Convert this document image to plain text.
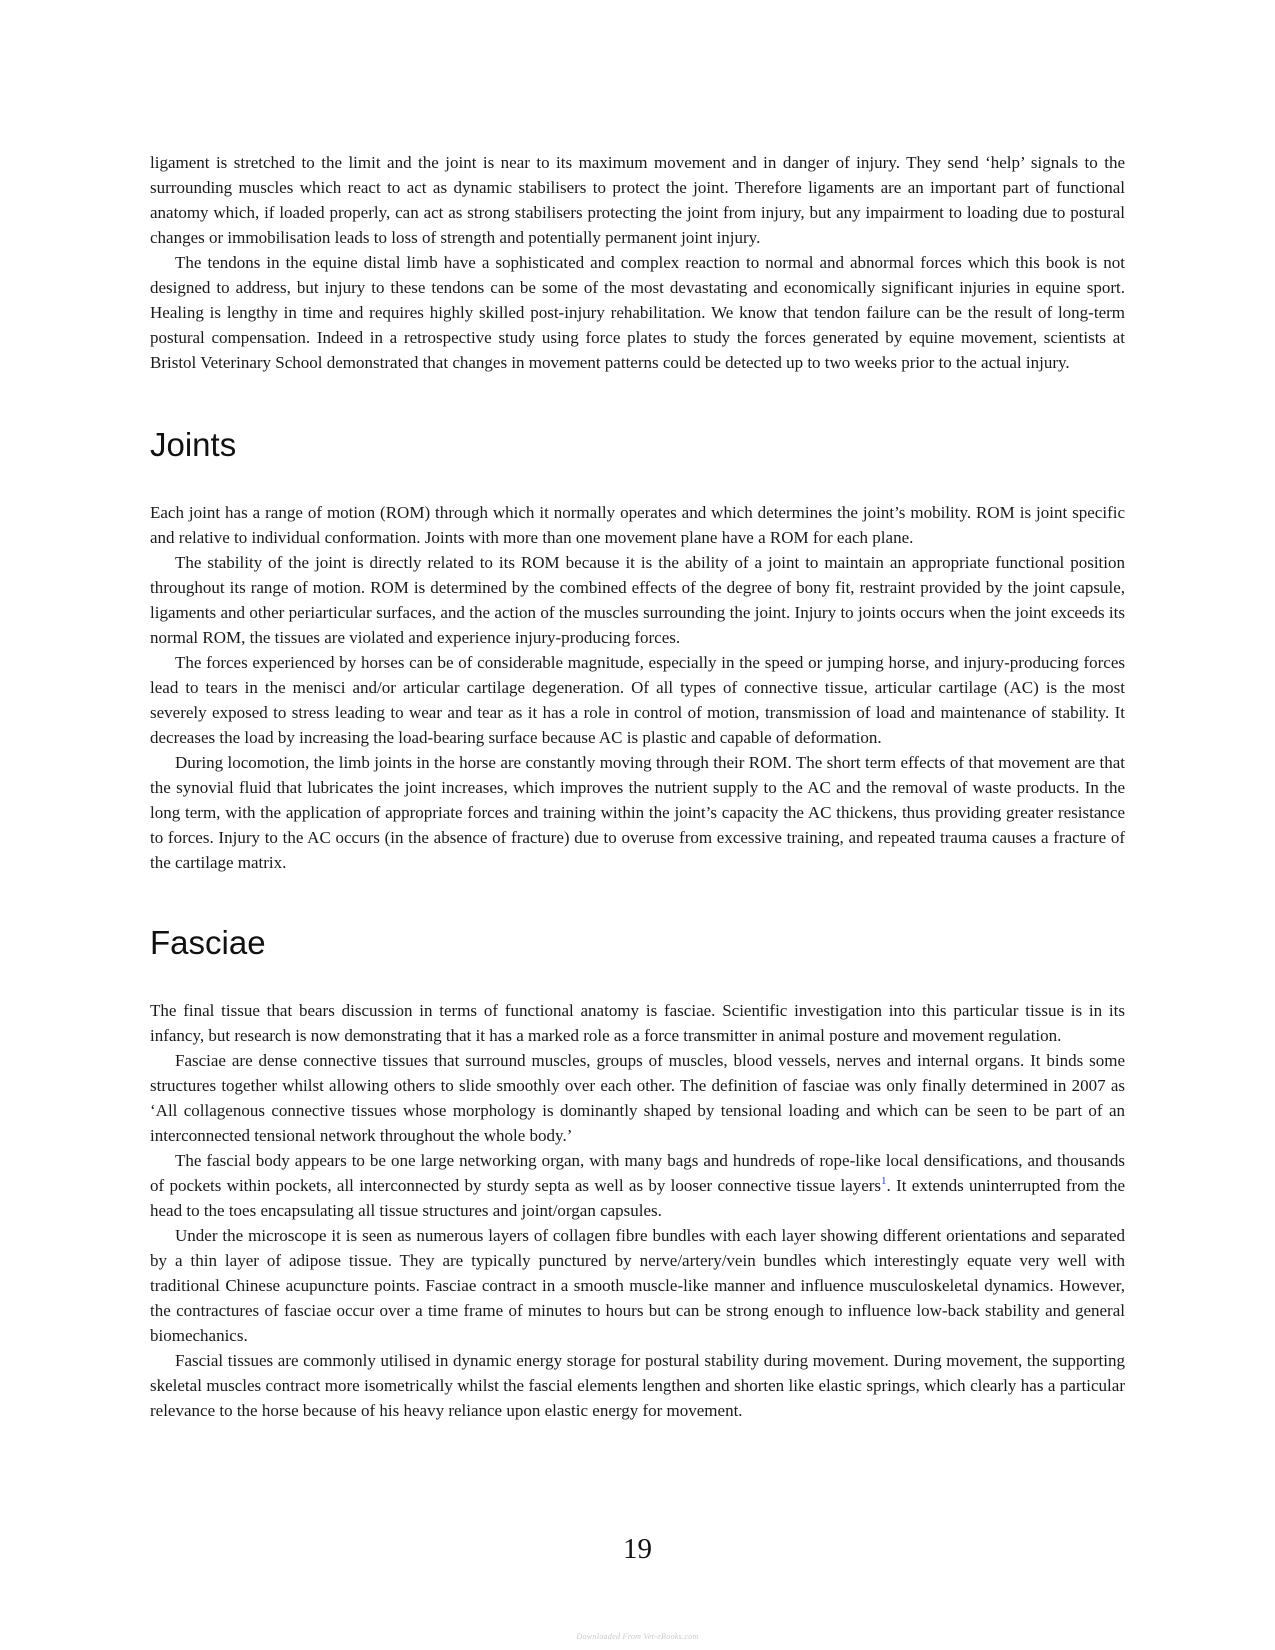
ligament is stretched to the limit and the joint is near to its maximum movement and in danger of injury. They send ‘help’ signals to the surrounding muscles which react to act as dynamic stabilisers to protect the joint. Therefore ligaments are an important part of functional anatomy which, if loaded properly, can act as strong stabilisers protecting the joint from injury, but any impairment to loading due to postural changes or immobilisation leads to loss of strength and potentially permanent joint injury.

The tendons in the equine distal limb have a sophisticated and complex reaction to normal and abnormal forces which this book is not designed to address, but injury to these tendons can be some of the most devastating and economically significant injuries in equine sport. Healing is lengthy in time and requires highly skilled post-injury rehabilitation. We know that tendon failure can be the result of long-term postural compensation. Indeed in a retrospective study using force plates to study the forces generated by equine movement, scientists at Bristol Veterinary School demonstrated that changes in movement patterns could be detected up to two weeks prior to the actual injury.

Joints

Each joint has a range of motion (ROM) through which it normally operates and which determines the joint’s mobility. ROM is joint specific and relative to individual conformation. Joints with more than one movement plane have a ROM for each plane.

The stability of the joint is directly related to its ROM because it is the ability of a joint to maintain an appropriate functional position throughout its range of motion. ROM is determined by the combined effects of the degree of bony fit, restraint provided by the joint capsule, ligaments and other periarticular surfaces, and the action of the muscles surrounding the joint. Injury to joints occurs when the joint exceeds its normal ROM, the tissues are violated and experience injury-producing forces.

The forces experienced by horses can be of considerable magnitude, especially in the speed or jumping horse, and injury-producing forces lead to tears in the menisci and/or articular cartilage degeneration. Of all types of connective tissue, articular cartilage (AC) is the most severely exposed to stress leading to wear and tear as it has a role in control of motion, transmission of load and maintenance of stability. It decreases the load by increasing the load-bearing surface because AC is plastic and capable of deformation.

During locomotion, the limb joints in the horse are constantly moving through their ROM. The short term effects of that movement are that the synovial fluid that lubricates the joint increases, which improves the nutrient supply to the AC and the removal of waste products. In the long term, with the application of appropriate forces and training within the joint’s capacity the AC thickens, thus providing greater resistance to forces. Injury to the AC occurs (in the absence of fracture) due to overuse from excessive training, and repeated trauma causes a fracture of the cartilage matrix.

Fasciae

The final tissue that bears discussion in terms of functional anatomy is fasciae. Scientific investigation into this particular tissue is in its infancy, but research is now demonstrating that it has a marked role as a force transmitter in animal posture and movement regulation.

Fasciae are dense connective tissues that surround muscles, groups of muscles, blood vessels, nerves and internal organs. It binds some structures together whilst allowing others to slide smoothly over each other. The definition of fasciae was only finally determined in 2007 as ‘All collagenous connective tissues whose morphology is dominantly shaped by tensional loading and which can be seen to be part of an interconnected tensional network throughout the whole body.’

The fascial body appears to be one large networking organ, with many bags and hundreds of rope-like local densifications, and thousands of pockets within pockets, all interconnected by sturdy septa as well as by looser connective tissue layers$^1$. It extends uninterrupted from the head to the toes encapsulating all tissue structures and joint/organ capsules.

Under the microscope it is seen as numerous layers of collagen fibre bundles with each layer showing different orientations and separated by a thin layer of adipose tissue. They are typically punctured by nerve/artery/vein bundles which interestingly equate very well with traditional Chinese acupuncture points. Fasciae contract in a smooth muscle-like manner and influence musculoskeletal dynamics. However, the contractures of fasciae occur over a time frame of minutes to hours but can be strong enough to influence low-back stability and general biomechanics.

Fascial tissues are commonly utilised in dynamic energy storage for postural stability during movement. During movement, the supporting skeletal muscles contract more isometrically whilst the fascial elements lengthen and shorten like elastic springs, which clearly has a particular relevance to the horse because of his heavy reliance upon elastic energy for movement.

19
Downloaded From Vet-eBooks.com
